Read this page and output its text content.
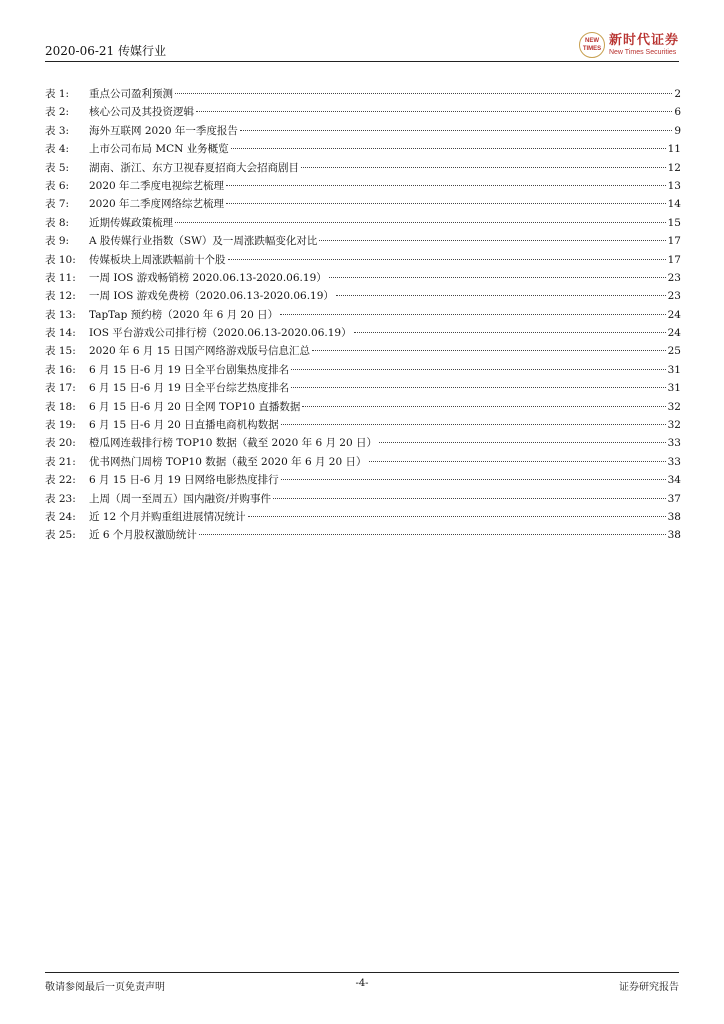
2020-06-21 传媒行业
NEW
TIMES
新时代证券
New Times Securities
表 1:	重点公司盈利预测	2
表 2:	核心公司及其投资逻辑	6
表 3:	海外互联网 2020 年一季度报告	9
表 4:	上市公司布局 MCN 业务概览	11
表 5:	湖南、浙江、东方卫视春夏招商大会招商剧目	12
表 6:	2020 年二季度电视综艺梳理	13
表 7:	2020 年二季度网络综艺梳理	14
表 8:	近期传媒政策梳理	15
表 9:	A 股传媒行业指数（SW）及一周涨跌幅变化对比	17
表 10:	传媒板块上周涨跌幅前十个股	17
表 11:	一周 IOS 游戏畅销榜 2020.06.13-2020.06.19）	23
表 12:	一周 IOS 游戏免费榜（2020.06.13-2020.06.19）	23
表 13:	TapTap 预约榜（2020 年 6 月 20 日）	24
表 14:	IOS 平台游戏公司排行榜（2020.06.13-2020.06.19）	24
表 15:	2020 年 6 月 15 日国产网络游戏版号信息汇总	25
表 16:	6 月 15 日-6 月 19 日全平台剧集热度排名	31
表 17:	6 月 15 日-6 月 19 日全平台综艺热度排名	31
表 18:	6 月 15 日-6 月 20 日全网 TOP10 直播数据	32
表 19:	6 月 15 日-6 月 20 日直播电商机构数据	32
表 20:	橙瓜网连载排行榜 TOP10 数据（截至 2020 年 6 月 20 日）	33
表 21:	优书网热门周榜 TOP10 数据（截至 2020 年 6 月 20 日）	33
表 22:	6 月 15 日-6 月 19 日网络电影热度排行	34
表 23:	上周（周一至周五）国内融资/并购事件	37
表 24:	近 12 个月并购重组进展情况统计	38
表 25:	近 6 个月股权激励统计	38
敬请参阅最后一页免责声明	-4-	证券研究报告
